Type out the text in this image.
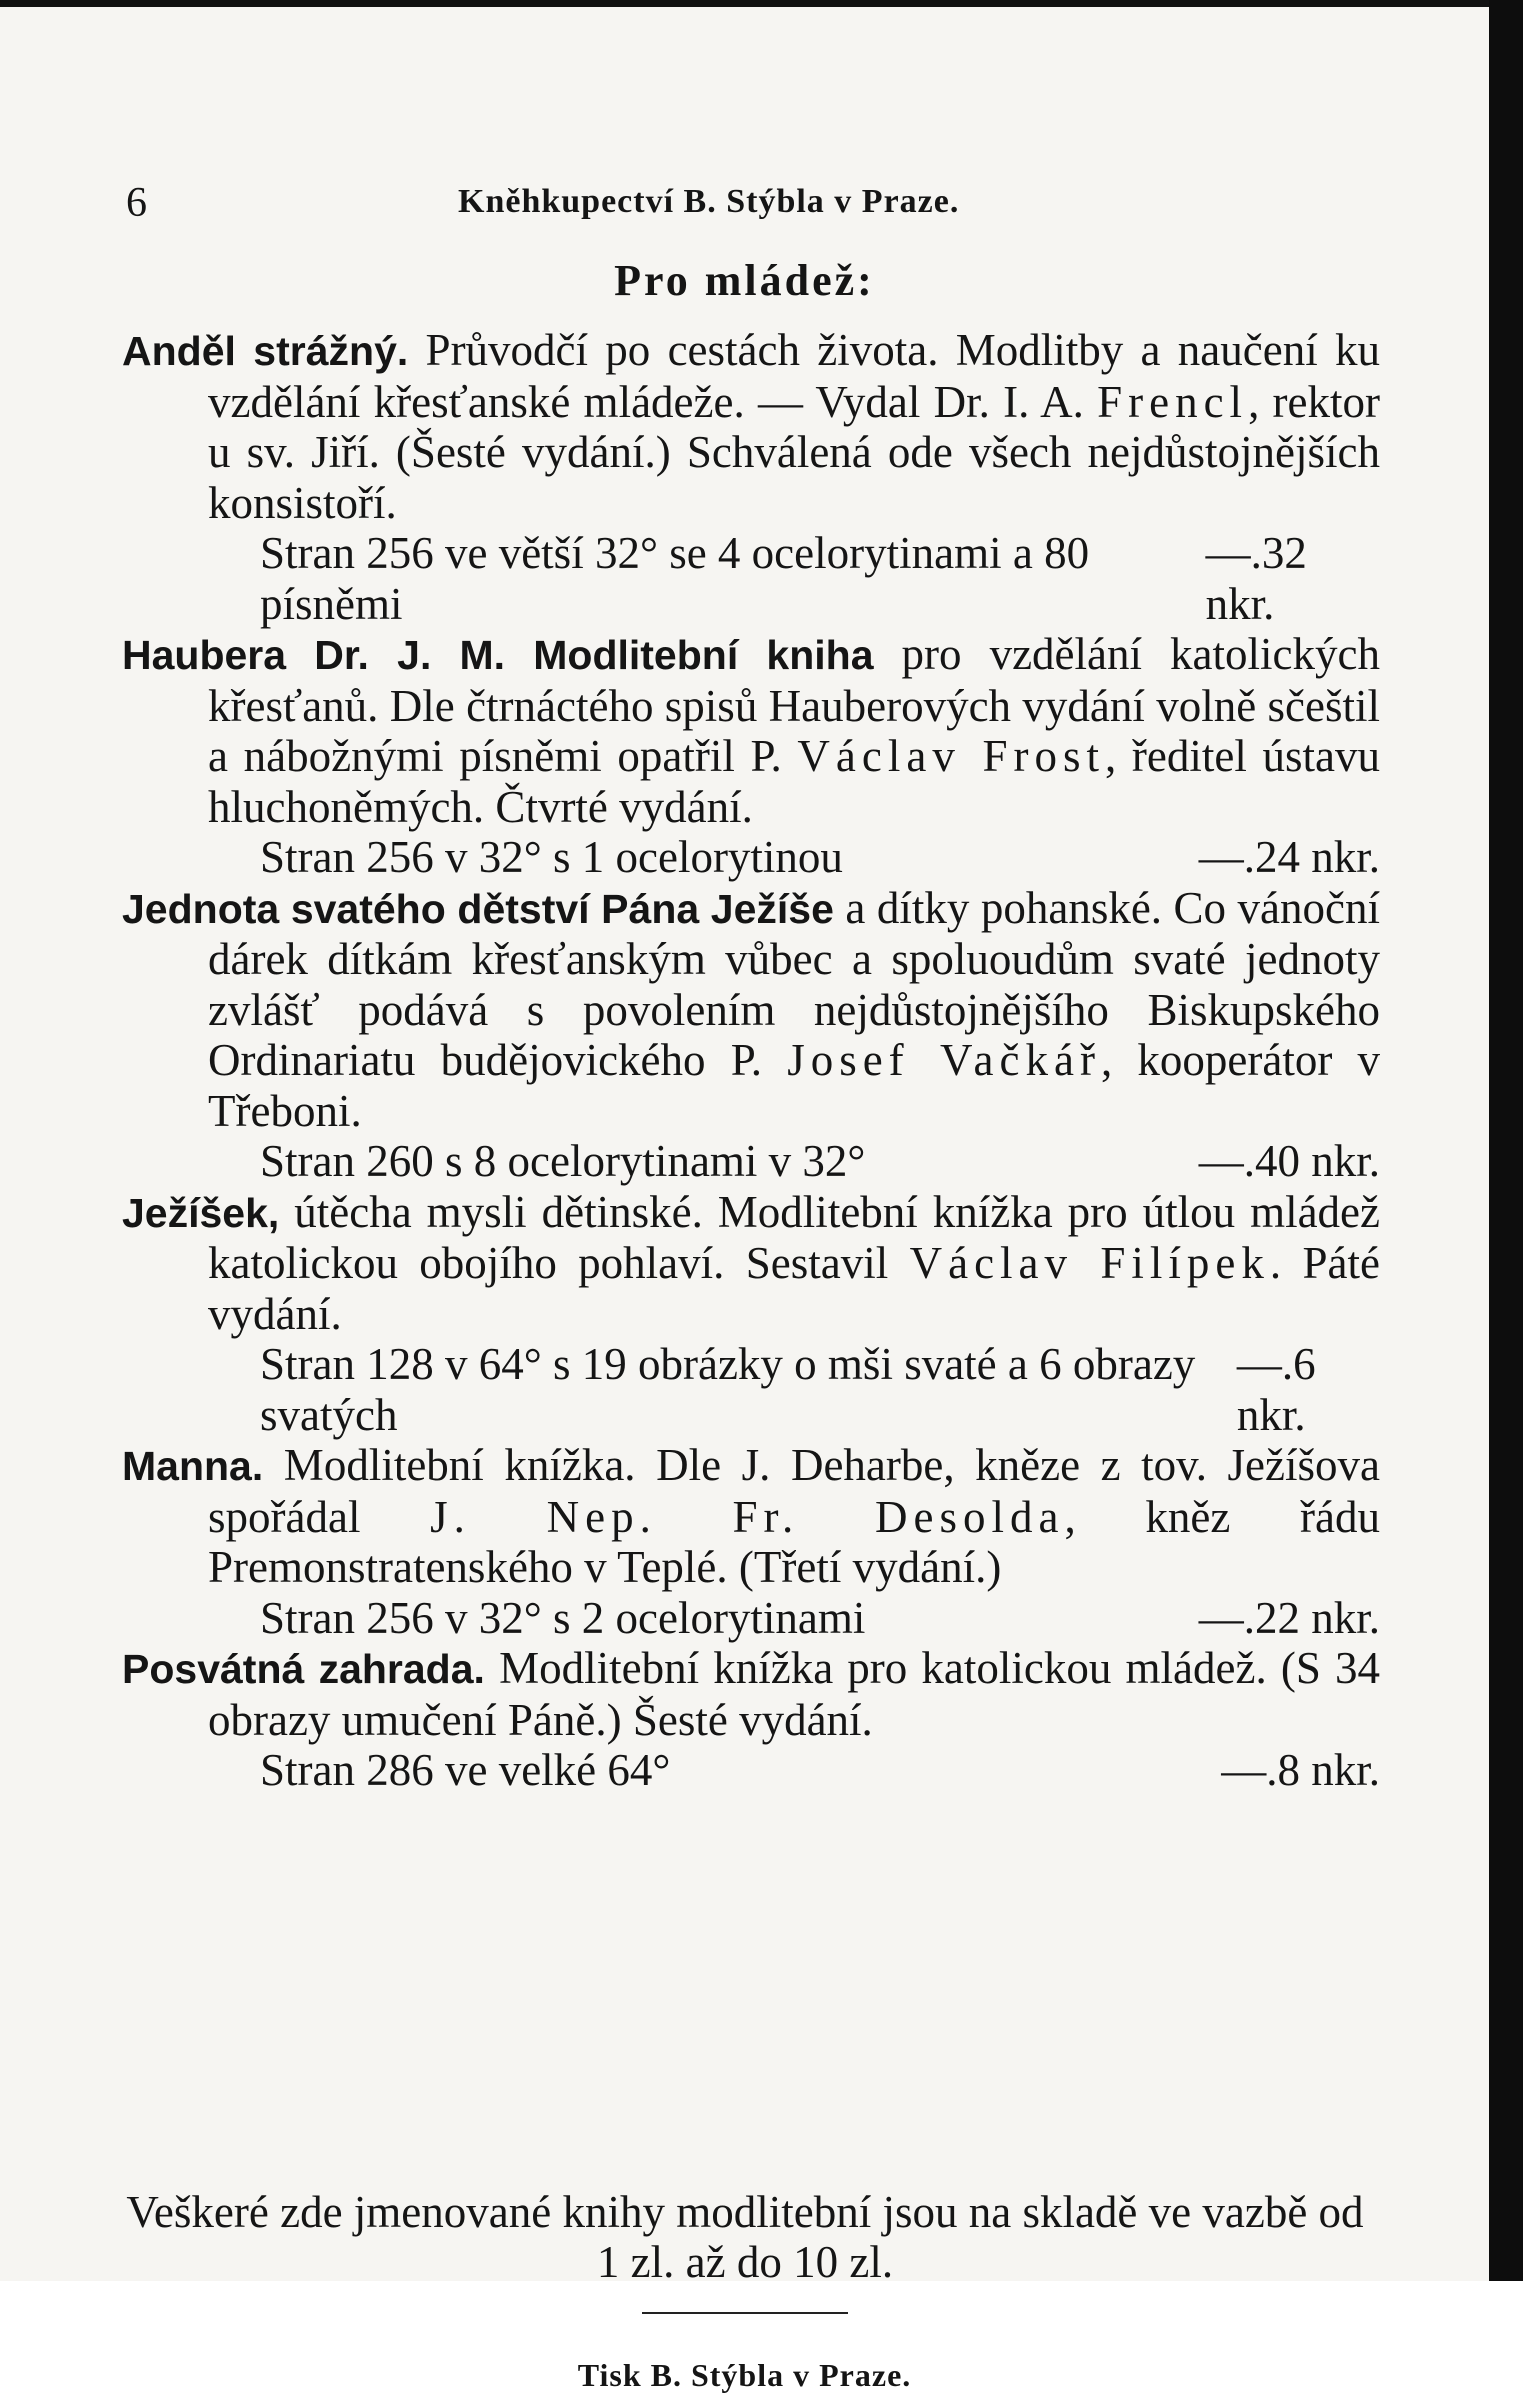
6	Kněhkupectví B. Stýbla v Praze.
Pro mládež:

Anděl strážný. Průvodčí po cestách života. Modlitby a naučení ku vzdělání křesťanské mládeže. — Vydal Dr. I. A. Frencl, rektor u sv. Jiří. (Šesté vydání.) Schválená ode všech nejdůstojnějších konsistoří.

Stran 256 ve větší 32° se 4 ocelorytinami a 80 písněmi
—.32 nkr.

Haubera Dr. J. M. Modlitební kniha pro vzdělání katolických křesťanů. Dle čtrnáctého spisů Hauberových vydání volně sčeštil a nábožnými písněmi opatřil P. Václav Frost, ředitel ústavu hluchoněmých. Čtvrté vydání.

Stran 256 v 32° s 1 ocelorytinou	—.24 nkr.

Jednota svatého dětství Pána Ježíše a dítky pohanské. Co vánoční dárek dítkám křesťanským vůbec a spoluoudům svaté jednoty zvlášť podává s povolením nejdůstojnějšího Biskupského Ordinariatu budějovického P. Josef Vačkář, kooperátor v Třeboni.

Stran 260 s 8 ocelorytinami v 32°	—.40 nkr.

Ježíšek, útěcha mysli dětinské. Modlitební knížka pro útlou mládež katolickou obojího pohlaví. Sestavil Václav Filípek. Páté vydání.

Stran 128 v 64° s 19 obrázky o mši svaté a 6 obrazy svatých
—.6 nkr.

Manna. Modlitební knížka. Dle J. Deharbe, kněze z tov. Ježíšova spořádal J. Nep. Fr. Desolda, kněz řádu Premonstratenského v Teplé. (Třetí vydání.)

Stran 256 v 32° s 2 ocelorytinami	—.22 nkr.

Posvátná zahrada. Modlitební knížka pro katolickou mládež. (S 34 obrazy umučení Páně.) Šesté vydání.

Stran 286 ve velké 64°	—.8 nkr.
Veškeré zde jmenované knihy modlitební jsou na skladě ve vazbě od 1 zl. až do 10 zl.
Tisk B. Stýbla v Praze.
